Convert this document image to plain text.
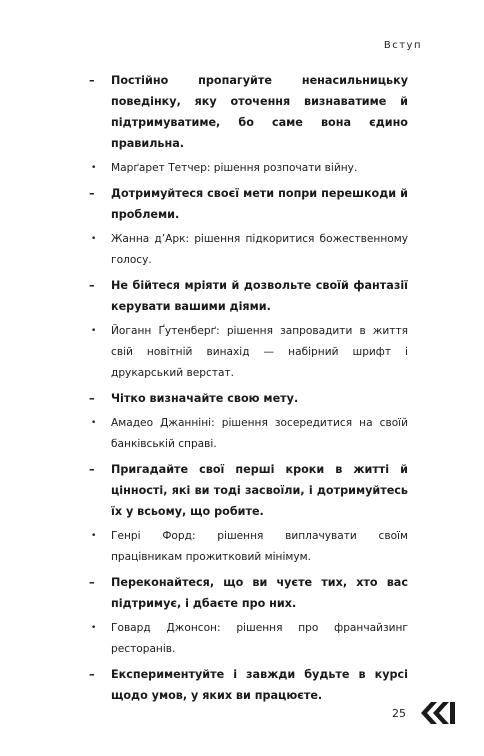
Вступ
–	Постійно пропагуйте ненасильницьку поведінку, яку оточення визнаватиме й підтримуватиме, бо саме вона єдино правильна.
•	Марґарет Тетчер: рішення розпочати війну.
–	Дотримуйтеся своєї мети попри перешкоди й проблеми.
•	Жанна д’Арк: рішення підкоритися божественному голосу.
–	Не бійтеся мріяти й дозвольте своїй фантазії керувати вашими діями.
•	Йоганн Ґутенберґ: рішення запровадити в життя свій новітній винахід — набірний шрифт і друкарський верстат.
–	Чітко визначайте свою мету.
•	Амадео Джанніні: рішення зосередитися на своїй банківській справі.
–	Пригадайте свої перші кроки в житті й цінності, які ви тоді засвоїли, і дотримуйтесь їх у всьому, що робите.
•	Генрі Форд: рішення виплачувати своїм працівникам прожитковий мінімум.
–	Переконайтеся, що ви чуєте тих, хто вас підтримує, і дбаєте про них.
•	Говард Джонсон: рішення про франчайзинг ресторанів.
–	Експериментуйте і завжди будьте в курсі щодо умов, у яких ви працюєте.
25
